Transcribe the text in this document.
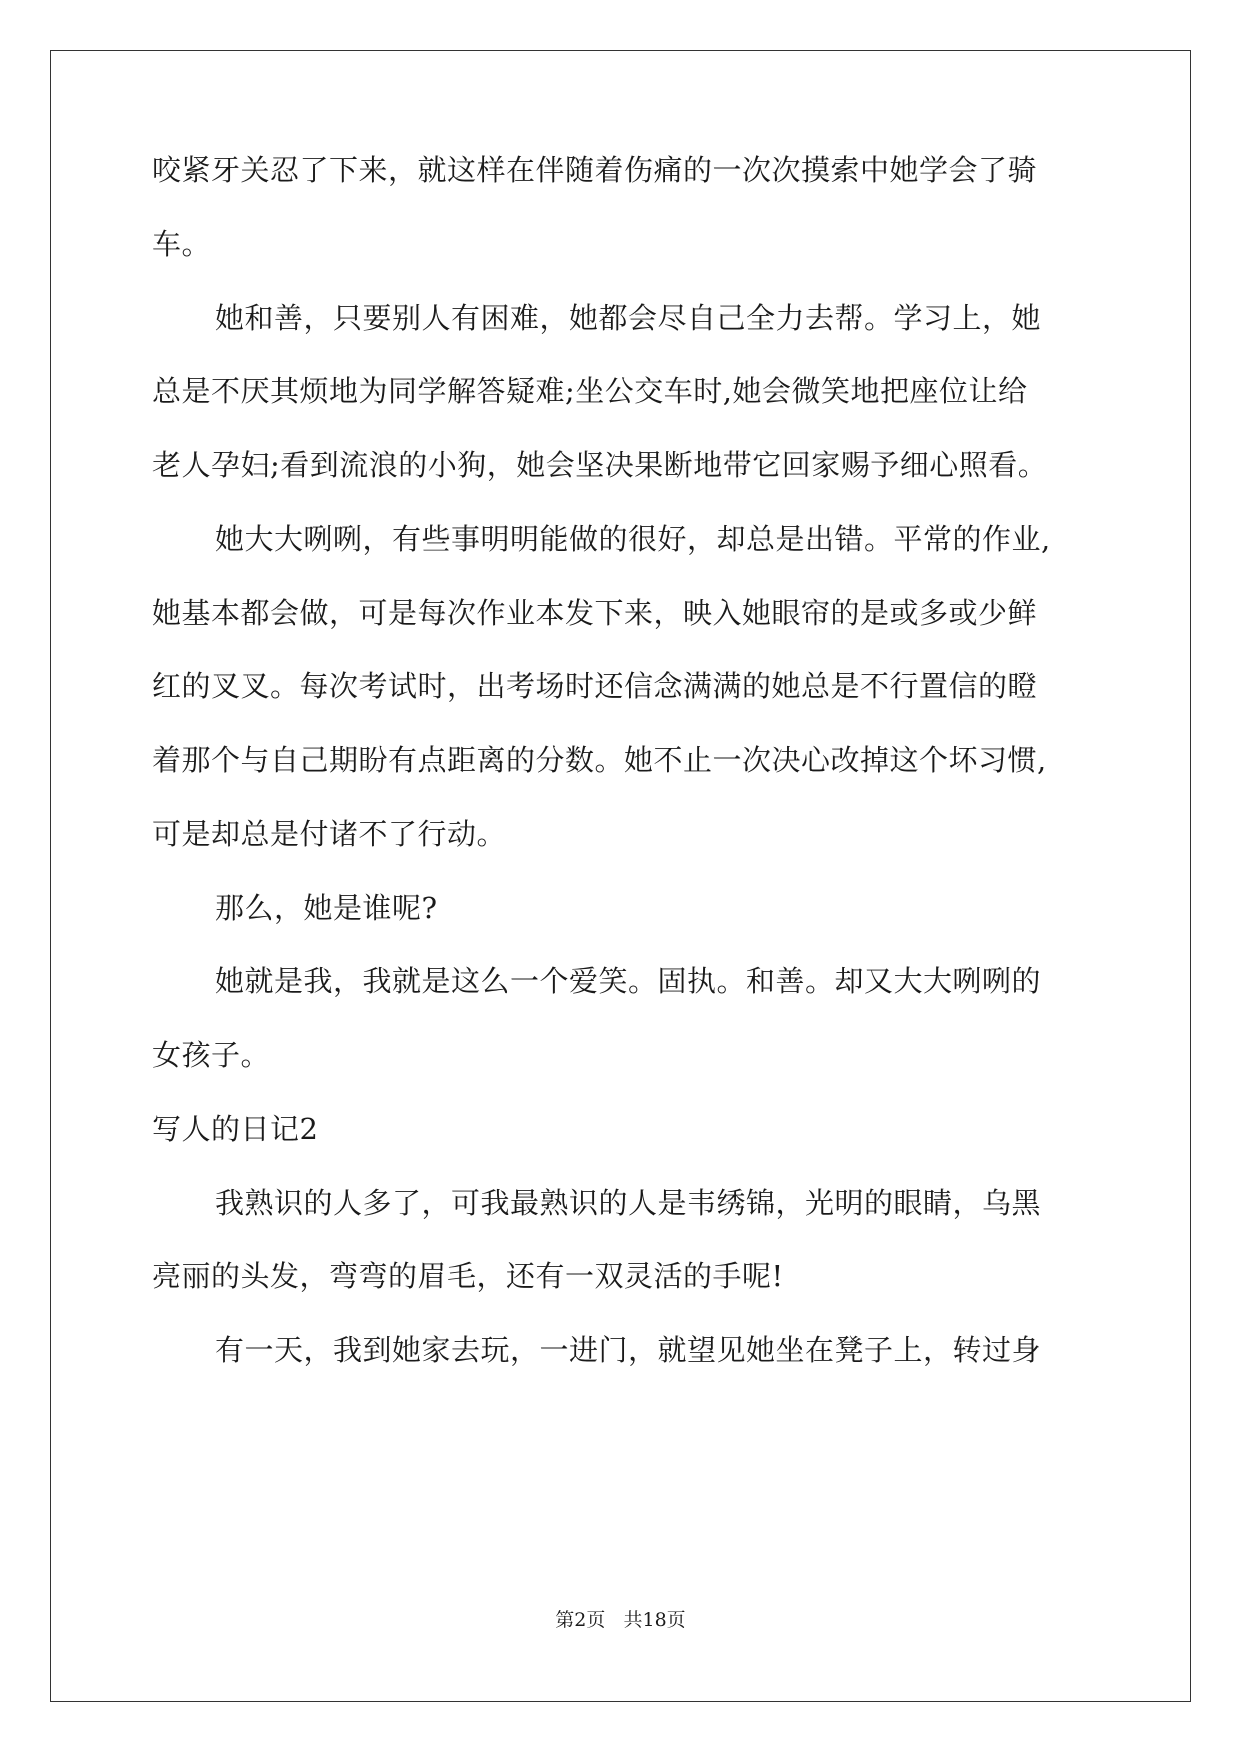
咬紧牙关忍了下来，就这样在伴随着伤痛的一次次摸索中她学会了骑
车。
她和善，只要别人有困难，她都会尽自己全力去帮。学习上，她
总是不厌其烦地为同学解答疑难;坐公交车时,她会微笑地把座位让给
老人孕妇;看到流浪的小狗，她会坚决果断地带它回家赐予细心照看。
她大大咧咧，有些事明明能做的很好，却总是出错。平常的作业,
她基本都会做，可是每次作业本发下来，映入她眼帘的是或多或少鲜
红的叉叉。每次考试时，出考场时还信念满满的她总是不行置信的瞪
着那个与自己期盼有点距离的分数。她不止一次决心改掉这个坏习惯,
可是却总是付诸不了行动。
那么，她是谁呢?
她就是我，我就是这么一个爱笑。固执。和善。却又大大咧咧的
女孩子。
写人的日记2
我熟识的人多了，可我最熟识的人是韦绣锦，光明的眼睛，乌黑
亮丽的头发，弯弯的眉毛，还有一双灵活的手呢!
有一天，我到她家去玩，一进门，就望见她坐在凳子上，转过身
第2页   共18页
